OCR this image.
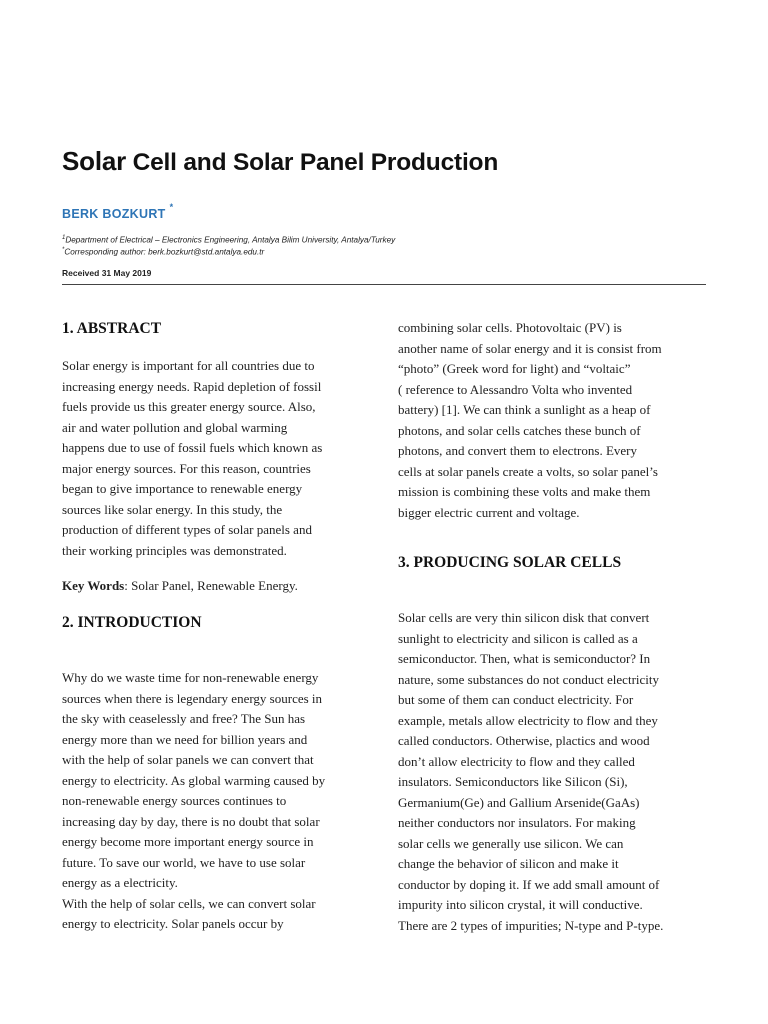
Solar Cell and Solar Panel Production
BERK BOZKURT*
$^1$Department of Electrical – Electronics Engineering, Antalya Bilim University, Antalya/Turkey
*Corresponding author: berk.bozkurt@std.antalya.edu.tr
Received 31 May 2019
1. ABSTRACT
Solar energy is important for all countries due to
increasing energy needs. Rapid depletion of fossil
fuels provide us this greater energy source. Also,
air and water pollution and global warming
happens due to use of fossil fuels which known as
major energy sources. For this reason, countries
began to give importance to renewable energy
sources like solar energy. In this study, the
production of different types of solar panels and
their working principles was demonstrated.
Key Words: Solar Panel, Renewable Energy.
2. INTRODUCTION
Why do we waste time for non-renewable energy
sources when there is legendary energy sources in
the sky with ceaselessly and free? The Sun has
energy more than we need for billion years and
with the help of solar panels we can convert that
energy to electricity. As global warming caused by
non-renewable energy sources continues to
increasing day by day, there is no doubt that solar
energy become more important energy source in
future. To save our world, we have to use solar
energy as a electricity.
With the help of solar cells, we can convert solar
energy to electricity. Solar panels occur by
combining solar cells. Photovoltaic (PV) is
another name of solar energy and it is consist from
“photo” (Greek word for light) and “voltaic”
( reference to Alessandro Volta who invented
battery) [1]. We can think a sunlight as a heap of
photons, and solar cells catches these bunch of
photons, and convert them to electrons. Every
cells at solar panels create a volts, so solar panel’s
mission is combining these volts and make them
bigger electric current and voltage.
3. PRODUCING SOLAR CELLS
Solar cells are very thin silicon disk that convert
sunlight to electricity and silicon is called as a
semiconductor. Then, what is semiconductor? In
nature, some substances do not conduct electricity
but some of them can conduct electricity. For
example, metals allow electricity to flow and they
called conductors. Otherwise, plactics and wood
don’t allow electricity to flow and they called
insulators. Semiconductors like Silicon (Si),
Germanium(Ge) and Gallium Arsenide(GaAs)
neither conductors nor insulators. For making
solar cells we generally use silicon. We can
change the behavior of silicon and make it
conductor by doping it. If we add small amount of
impurity into silicon crystal, it will conductive.
There are 2 types of impurities; N-type and P-type.
